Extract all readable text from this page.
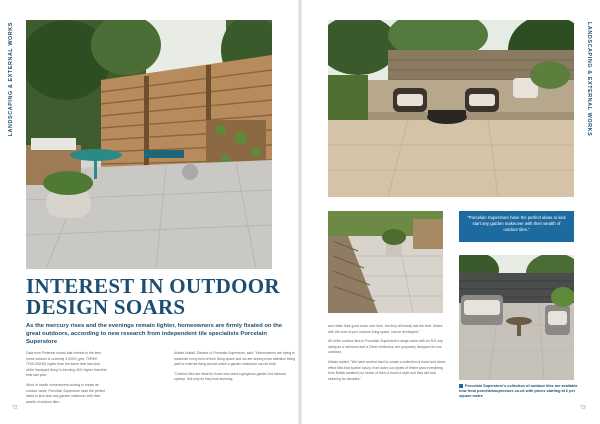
LANDSCAPING & EXTERNAL WORKS	LANDSCAPING & EXTERNAL WORKS
INTEREST IN OUTDOOR
DESIGN SOARS

As the mercury rises and the evenings remain lighter, homeowners are firmly fixated on the great outdoors, according to new research from independent tile specialists Porcelain Superstore

Data from Pinterest shows that interest in the term home outdoor is currently 3,000% (yes, THREE THOUSAND) higher than the same time last year while 'backyard living' is trending 40% higher than this time last year.

Word of mouth homeowners looking to create an outdoor oasis, Porcelain Superstore have the perfect ideas to kick start any garden makeover with their wealth of outdoor tiles.

Alistair Nuttall, Director of Porcelain Superstore, said: "Homeowners are trying to maximise every inch of their living space and we are seeing more attention being paid to external living around which a garden makeover can be built.

"Outdoor tiles are ideal for those who want a gorgeous garden but minimal upkeep. Not only do they look stunning

"Porcelain Superstore have the perfect ideas to kick start any garden makeover with their wealth of outdoor tiles."
Porcelain Superstore's collection of outdoor tiles are available now from porcelainsuperstore.co.uk with prices starting at £ per square metre

and retain their good looks over time, but they will easily last the time. Mixed with the look of your outdoor living space, can be developed."

All of the outdoor tiles in Porcelain Superstore's range come with an R11 slip rating as a minimum and a 20mm thickness, are purposely designed for use outdoors.

Alistair added: "We have worked hard to curate a collection of wood and stone-effect tiles that soothe luxury, from outer-sun styles of timbre (and everything from British-weather) so hence of them a much a style and they will look stunning for decades."

72	73
